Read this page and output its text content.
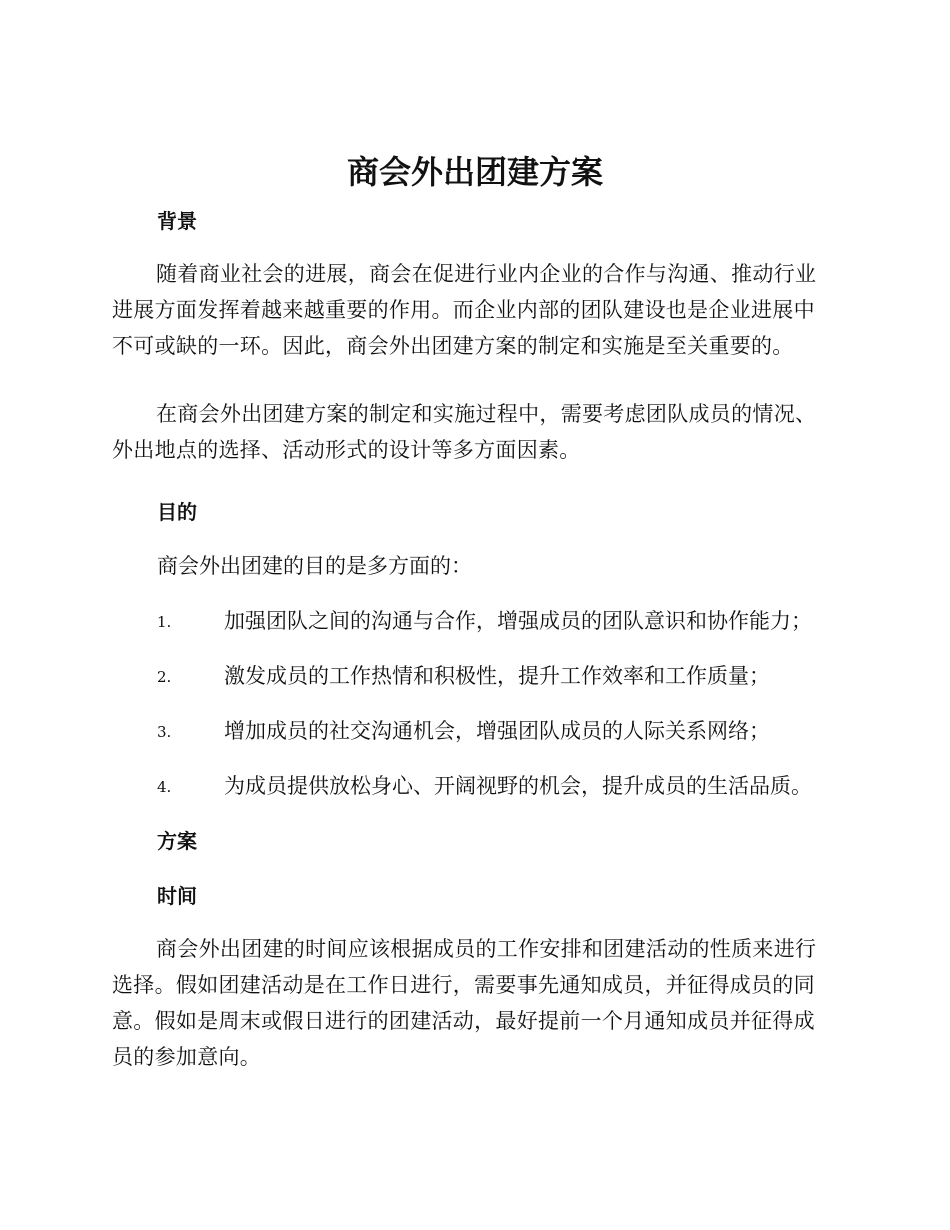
商会外出团建方案
背景

随着商业社会的进展，商会在促进行业内企业的合作与沟通、推动行业进展方面发挥着越来越重要的作用。而企业内部的团队建设也是企业进展中不可或缺的一环。因此，商会外出团建方案的制定和实施是至关重要的。

在商会外出团建方案的制定和实施过程中，需要考虑团队成员的情况、外出地点的选择、活动形式的设计等多方面因素。

目的

商会外出团建的目的是多方面的：

1.	加强团队之间的沟通与合作，增强成员的团队意识和协作能力；
2.	激发成员的工作热情和积极性，提升工作效率和工作质量；
3.	增加成员的社交沟通机会，增强团队成员的人际关系网络；
4.	为成员提供放松身心、开阔视野的机会，提升成员的生活品质。
方案
时间

商会外出团建的时间应该根据成员的工作安排和团建活动的性质来进行选择。假如团建活动是在工作日进行，需要事先通知成员，并征得成员的同意。假如是周末或假日进行的团建活动，最好提前一个月通知成员并征得成员的参加意向。
